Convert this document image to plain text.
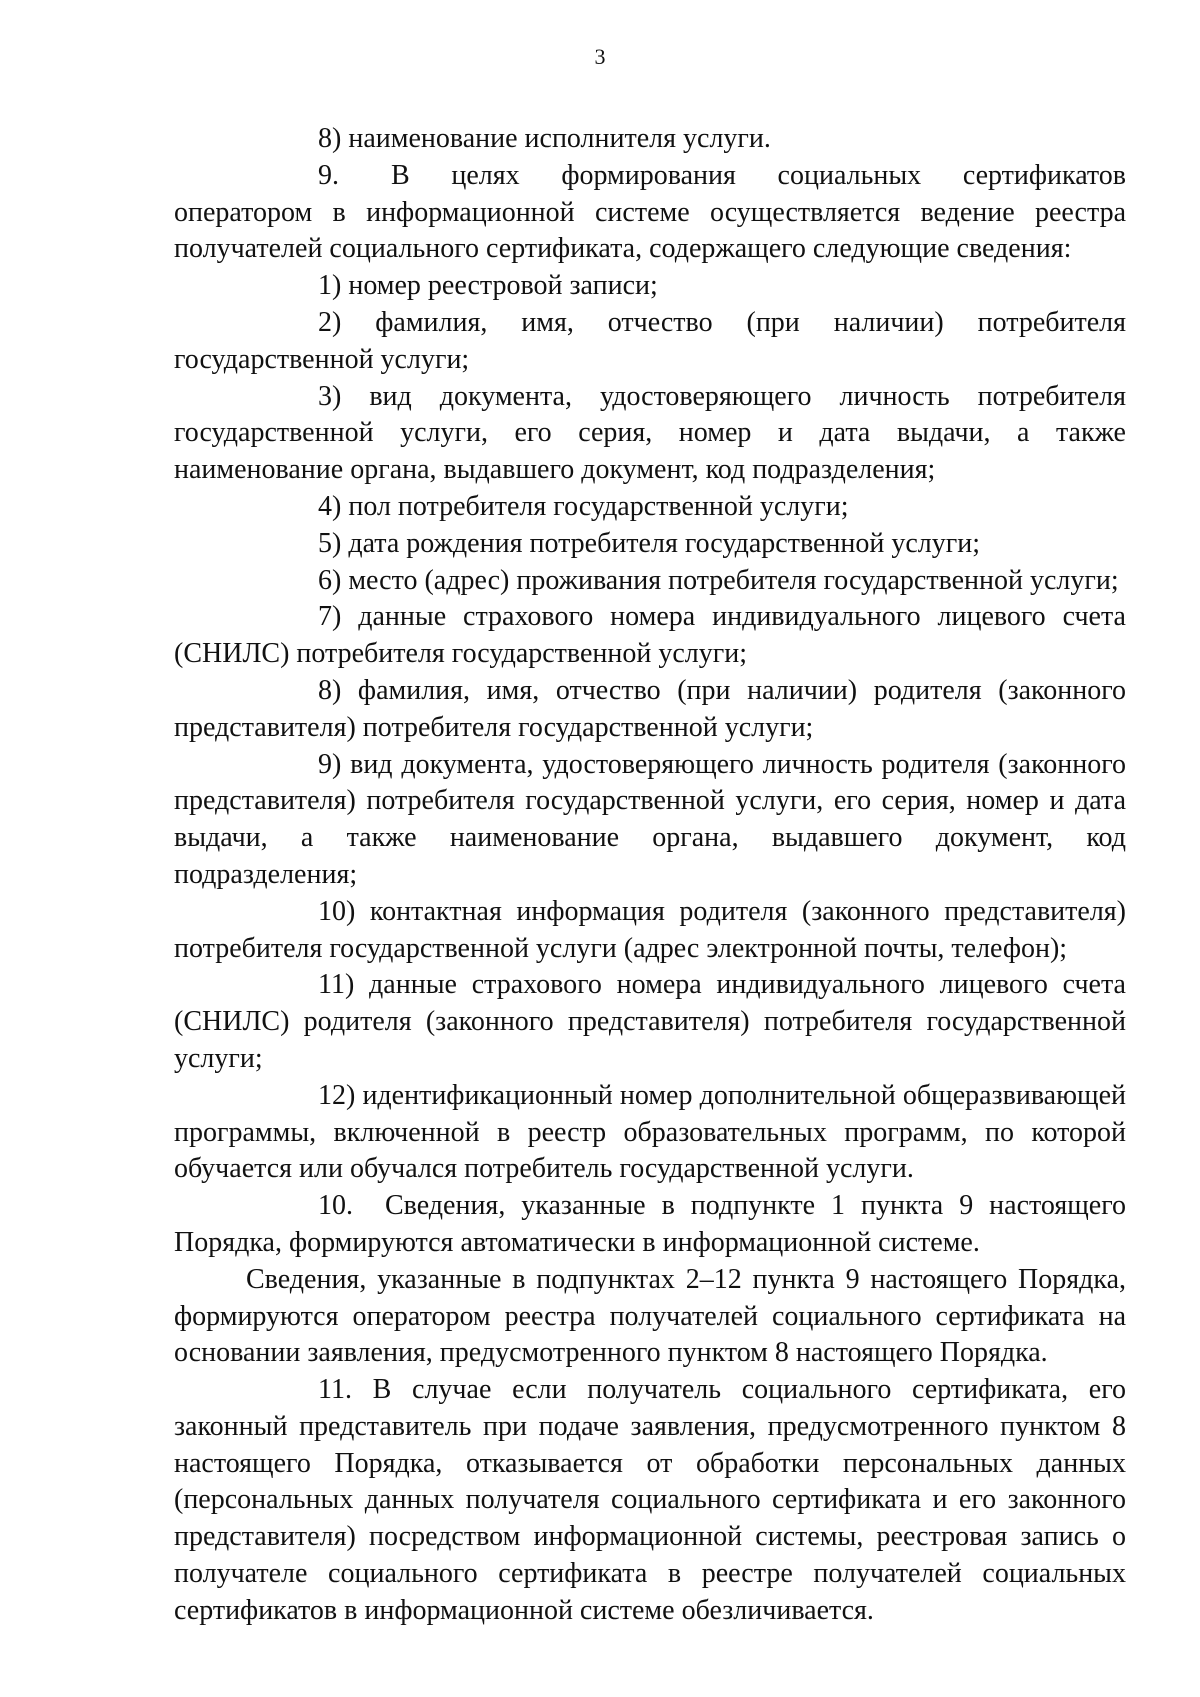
3

8) наименование исполнителя услуги.

9. В целях формирования социальных сертификатов оператором в информационной системе осуществляется ведение реестра получателей социального сертификата, содержащего следующие сведения:

1) номер реестровой записи;

2) фамилия, имя, отчество (при наличии) потребителя государственной услуги;

3) вид документа, удостоверяющего личность потребителя государственной услуги, его серия, номер и дата выдачи, а также наименование органа, выдавшего документ, код подразделения;

4) пол потребителя государственной услуги;

5) дата рождения потребителя государственной услуги;

6) место (адрес) проживания потребителя государственной услуги;

7) данные страхового номера индивидуального лицевого счета (СНИЛС) потребителя государственной услуги;

8) фамилия, имя, отчество (при наличии) родителя (законного представителя) потребителя государственной услуги;

9) вид документа, удостоверяющего личность родителя (законного представителя) потребителя государственной услуги, его серия, номер и дата выдачи, а также наименование органа, выдавшего документ, код подразделения;

10) контактная информация родителя (законного представителя) потребителя государственной услуги (адрес электронной почты, телефон);

11) данные страхового номера индивидуального лицевого счета (СНИЛС) родителя (законного представителя) потребителя государственной услуги;

12) идентификационный номер дополнительной общеразвивающей программы, включенной в реестр образовательных программ, по которой обучается или обучался потребитель государственной услуги.

10. Сведения, указанные в подпункте 1 пункта 9 настоящего Порядка, формируются автоматически в информационной системе.

Сведения, указанные в подпунктах 2–12 пункта 9 настоящего Порядка, формируются оператором реестра получателей социального сертификата на основании заявления, предусмотренного пунктом 8 настоящего Порядка.

11. В случае если получатель социального сертификата, его законный представитель при подаче заявления, предусмотренного пунктом 8 настоящего Порядка, отказывается от обработки персональных данных (персональных данных получателя социального сертификата и его законного представителя) посредством информационной системы, реестровая запись о получателе социального сертификата в реестре получателей социальных сертификатов в информационной системе обезличивается.
